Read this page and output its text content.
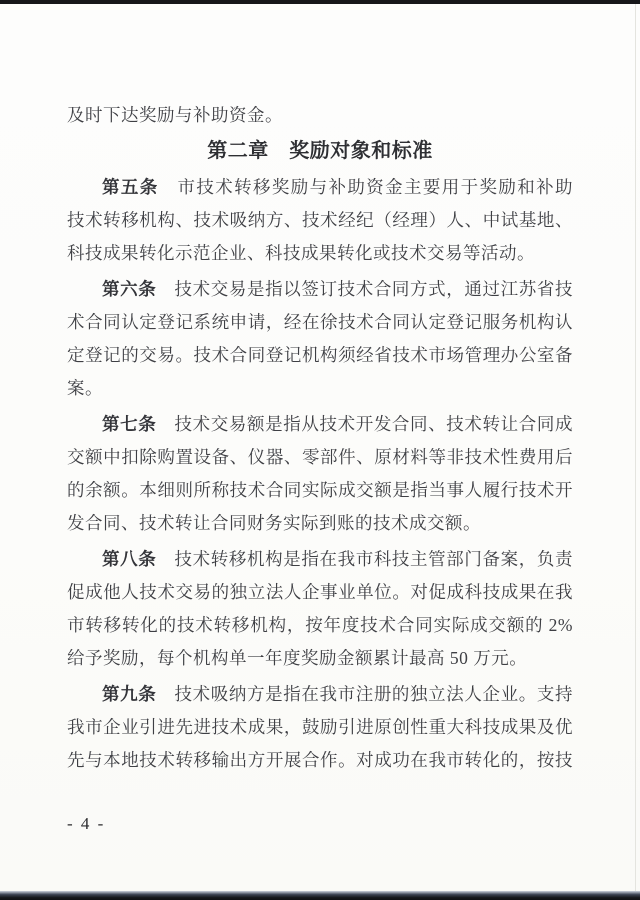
及时下达奖励与补助资金。
第二章　奖励对象和标准
第五条　市技术转移奖励与补助资金主要用于奖励和补助
技术转移机构、技术吸纳方、技术经纪（经理）人、中试基地、
科技成果转化示范企业、科技成果转化或技术交易等活动。
第六条　技术交易是指以签订技术合同方式，通过江苏省技
术合同认定登记系统申请，经在徐技术合同认定登记服务机构认
定登记的交易。技术合同登记机构须经省技术市场管理办公室备
案。
第七条　技术交易额是指从技术开发合同、技术转让合同成
交额中扣除购置设备、仪器、零部件、原材料等非技术性费用后
的余额。本细则所称技术合同实际成交额是指当事人履行技术开
发合同、技术转让合同财务实际到账的技术成交额。
第八条　技术转移机构是指在我市科技主管部门备案，负责
促成他人技术交易的独立法人企事业单位。对促成科技成果在我
市转移转化的技术转移机构，按年度技术合同实际成交额的 2%
给予奖励，每个机构单一年度奖励金额累计最高 50 万元。
第九条　技术吸纳方是指在我市注册的独立法人企业。支持
我市企业引进先进技术成果，鼓励引进原创性重大科技成果及优
先与本地技术转移输出方开展合作。对成功在我市转化的，按技
- 4 -
